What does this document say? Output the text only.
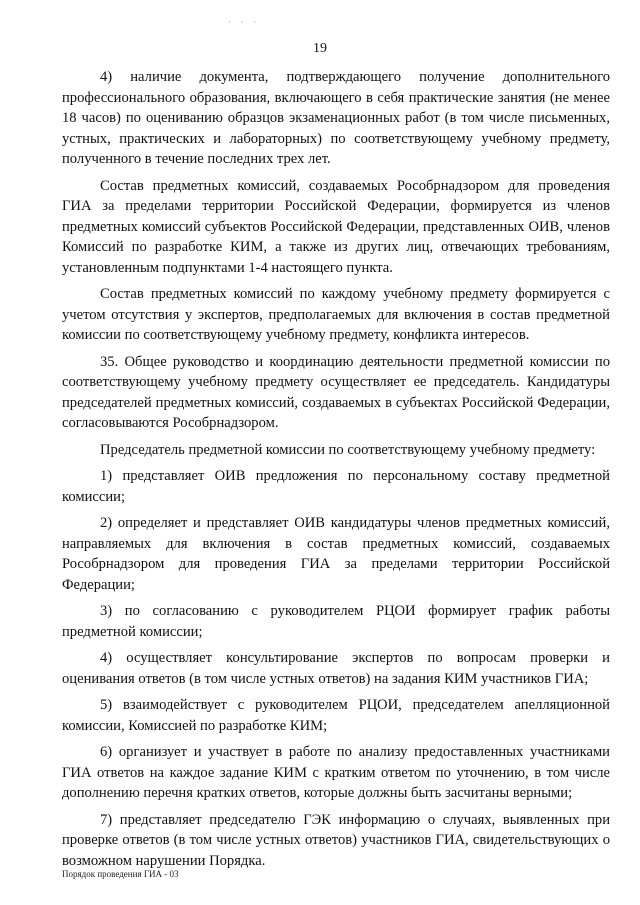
· · ·
19

4) наличие документа, подтверждающего получение дополнительного профессионального образования, включающего в себя практические занятия (не менее 18 часов) по оцениванию образцов экзаменационных работ (в том числе письменных, устных, практических и лабораторных) по соответствующему учебному предмету, полученного в течение последних трех лет.

Состав предметных комиссий, создаваемых Рособрнадзором для проведения ГИА за пределами территории Российской Федерации, формируется из членов предметных комиссий субъектов Российской Федерации, представленных ОИВ, членов Комиссий по разработке КИМ, а также из других лиц, отвечающих требованиям, установленным подпунктами 1-4 настоящего пункта.

Состав предметных комиссий по каждому учебному предмету формируется с учетом отсутствия у экспертов, предполагаемых для включения в состав предметной комиссии по соответствующему учебному предмету, конфликта интересов.

35. Общее руководство и координацию деятельности предметной комиссии по соответствующему учебному предмету осуществляет ее председатель. Кандидатуры председателей предметных комиссий, создаваемых в субъектах Российской Федерации, согласовываются Рособрнадзором.

Председатель предметной комиссии по соответствующему учебному предмету:

1) представляет ОИВ предложения по персональному составу предметной комиссии;

2) определяет и представляет ОИВ кандидатуры членов предметных комиссий, направляемых для включения в состав предметных комиссий, создаваемых Рособрнадзором для проведения ГИА за пределами территории Российской Федерации;

3) по согласованию с руководителем РЦОИ формирует график работы предметной комиссии;

4) осуществляет консультирование экспертов по вопросам проверки и оценивания ответов (в том числе устных ответов) на задания КИМ участников ГИА;

5) взаимодействует с руководителем РЦОИ, председателем апелляционной комиссии, Комиссией по разработке КИМ;

6) организует и участвует в работе по анализу предоставленных участниками ГИА ответов на каждое задание КИМ с кратким ответом по уточнению, в том числе дополнению перечня кратких ответов, которые должны быть засчитаны верными;

7) представляет председателю ГЭК информацию о случаях, выявленных при проверке ответов (в том числе устных ответов) участников ГИА, свидетельствующих о возможном нарушении Порядка.

Порядок проведения ГИА - 03
